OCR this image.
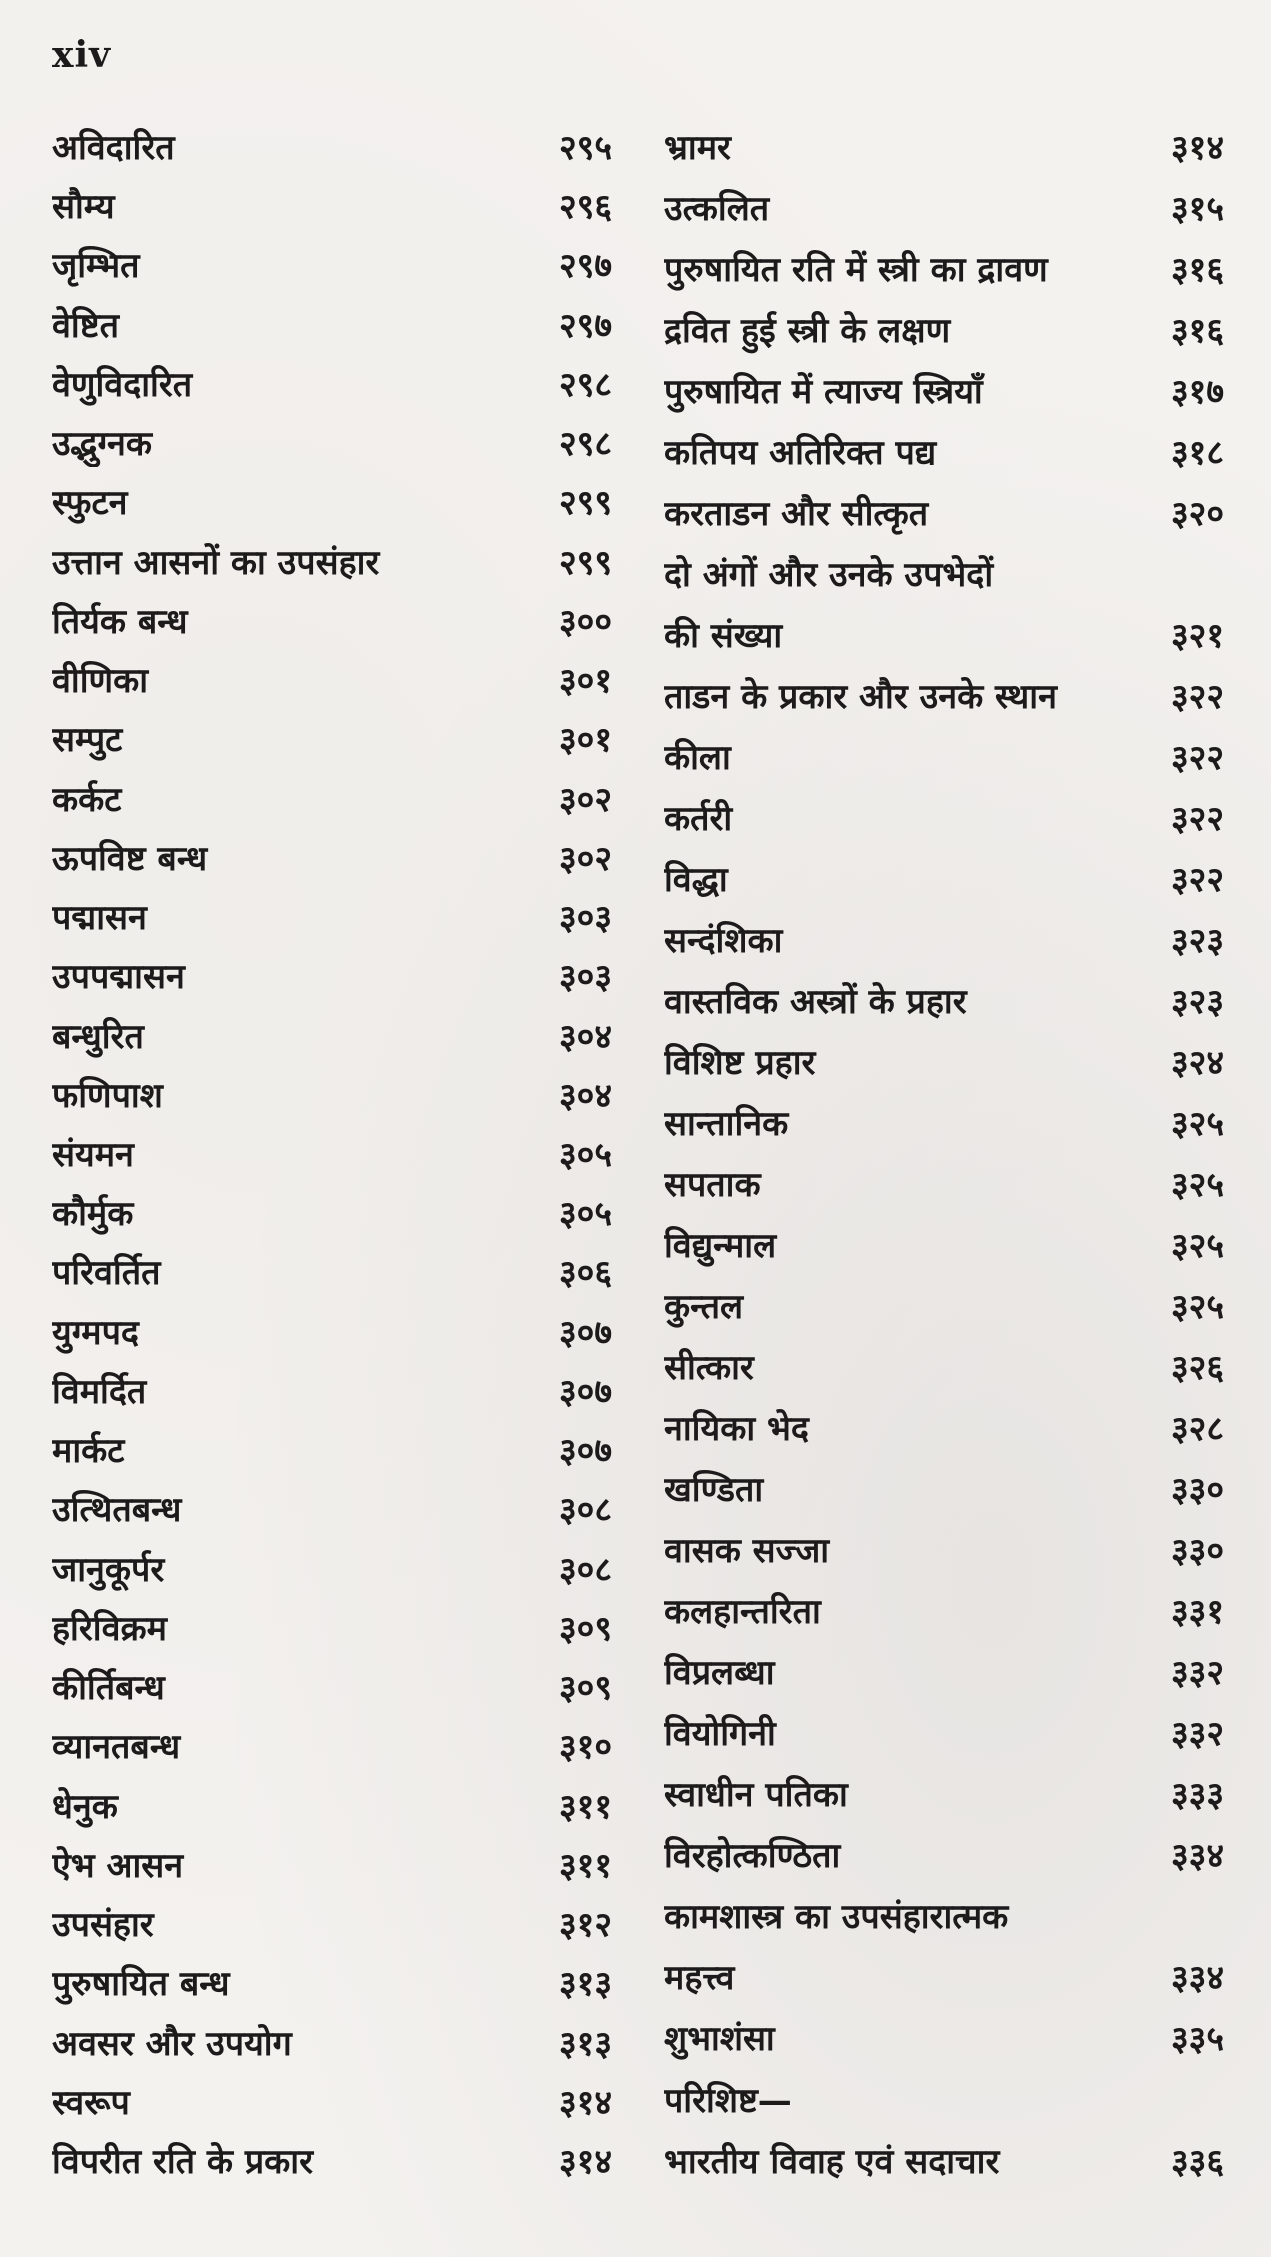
xiv
अविदारित	२९५
सौम्य	२९६
जृम्भित	२९७
वेष्टित	२९७
वेणुविदारित	२९८
उद्भुग्नक	२९८
स्फुटन	२९९
उत्तान आसनों का उपसंहार	२९९
तिर्यक बन्ध	३००
वीणिका	३०१
सम्पुट	३०१
कर्कट	३०२
ऊपविष्ट बन्ध	३०२
पद्मासन	३०३
उपपद्मासन	३०३
बन्धुरित	३०४
फणिपाश	३०४
संयमन	३०५
कौर्मुक	३०५
परिवर्तित	३०६
युग्मपद	३०७
विमर्दित	३०७
मार्कट	३०७
उत्थितबन्ध	३०८
जानुकूर्पर	३०८
हरिविक्रम	३०९
कीर्तिबन्ध	३०९
व्यानतबन्ध	३१०
धेनुक	३११
ऐभ आसन	३११
उपसंहार	३१२
पुरुषायित बन्ध	३१३
अवसर और उपयोग	३१३
स्वरूप	३१४
विपरीत रति के प्रकार	३१४
भ्रामर	३१४
उत्कलित	३१५
पुरुषायित रति में स्त्री का द्रावण	३१६
द्रवित हुई स्त्री के लक्षण	३१६
पुरुषायित में त्याज्य स्त्रियाँ	३१७
कतिपय अतिरिक्त पद्य	३१८
करताडन और सीत्कृत	३२०
दो अंगों और उनके उपभेदों
की संख्या	३२१
ताडन के प्रकार और उनके स्थान	३२२
कीला	३२२
कर्तरी	३२२
विद्धा	३२२
सन्दंशिका	३२३
वास्तविक अस्त्रों के प्रहार	३२३
विशिष्ट प्रहार	३२४
सान्तानिक	३२५
सपताक	३२५
विद्युन्माल	३२५
कुन्तल	३२५
सीत्कार	३२६
नायिका भेद	३२८
खण्डिता	३३०
वासक सज्जा	३३०
कलहान्तरिता	३३१
विप्रलब्धा	३३२
वियोगिनी	३३२
स्वाधीन पतिका	३३३
विरहोत्कण्ठिता	३३४
कामशास्त्र का उपसंहारात्मक
महत्त्व	३३४
शुभाशंसा	३३५
परिशिष्ट—
भारतीय विवाह एवं सदाचार	३३६
